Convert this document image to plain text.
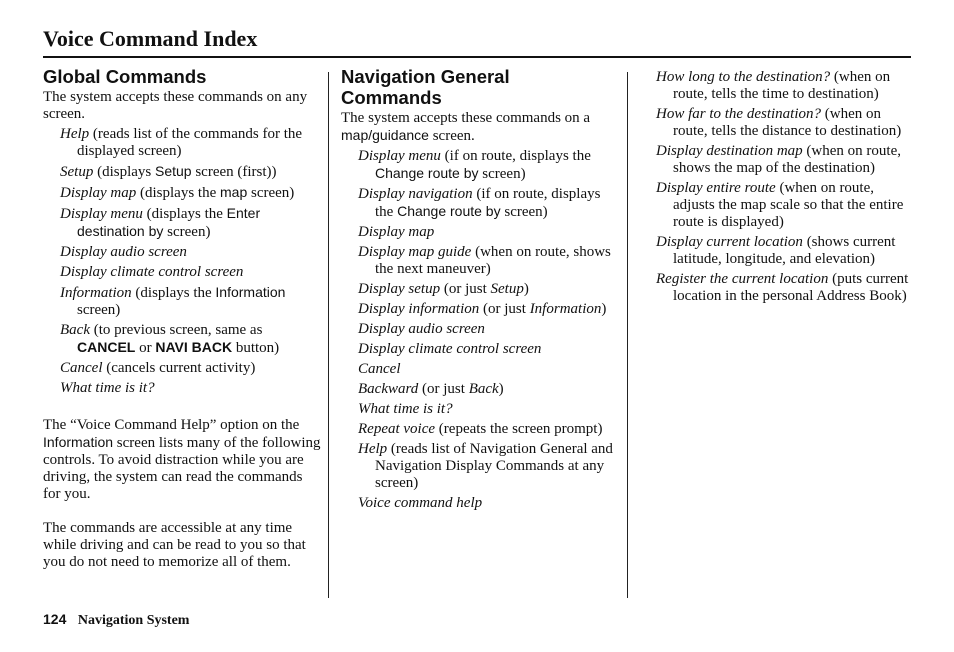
Voice Command Index
Global Commands

The system accepts these commands on any screen.

Help (reads list of the commands for the displayed screen)

Setup (displays Setup screen (first))

Display map (displays the map screen)

Display menu (displays the Enter destination by screen)

Display audio screen

Display climate control screen

Information (displays the Information screen)

Back (to previous screen, same as CANCEL or NAVI BACK button)

Cancel (cancels current activity)

What time is it?

The “Voice Command Help” option on the Information screen lists many of the following controls. To avoid distraction while you are driving, the system can read the commands for you.

The commands are accessible at any time while driving and can be read to you so that you do not need to memorize all of them.

Navigation General Commands

The system accepts these commands on a map/guidance screen.

Display menu (if on route, displays the Change route by screen)

Display navigation (if on route, displays the Change route by screen)

Display map

Display map guide (when on route, shows the next maneuver)

Display setup (or just Setup)

Display information (or just Information)

Display audio screen

Display climate control screen

Cancel

Backward (or just Back)

What time is it?

Repeat voice (repeats the screen prompt)

Help (reads list of Navigation General and Navigation Display Commands at any screen)

Voice command help

How long to the destination? (when on route, tells the time to destination)

How far to the destination? (when on route, tells the distance to destination)

Display destination map (when on route, shows the map of the destination)

Display entire route (when on route, adjusts the map scale so that the entire route is displayed)

Display current location (shows current latitude, longitude, and elevation)

Register the current location (puts current location in the personal Address Book)

124 Navigation System
